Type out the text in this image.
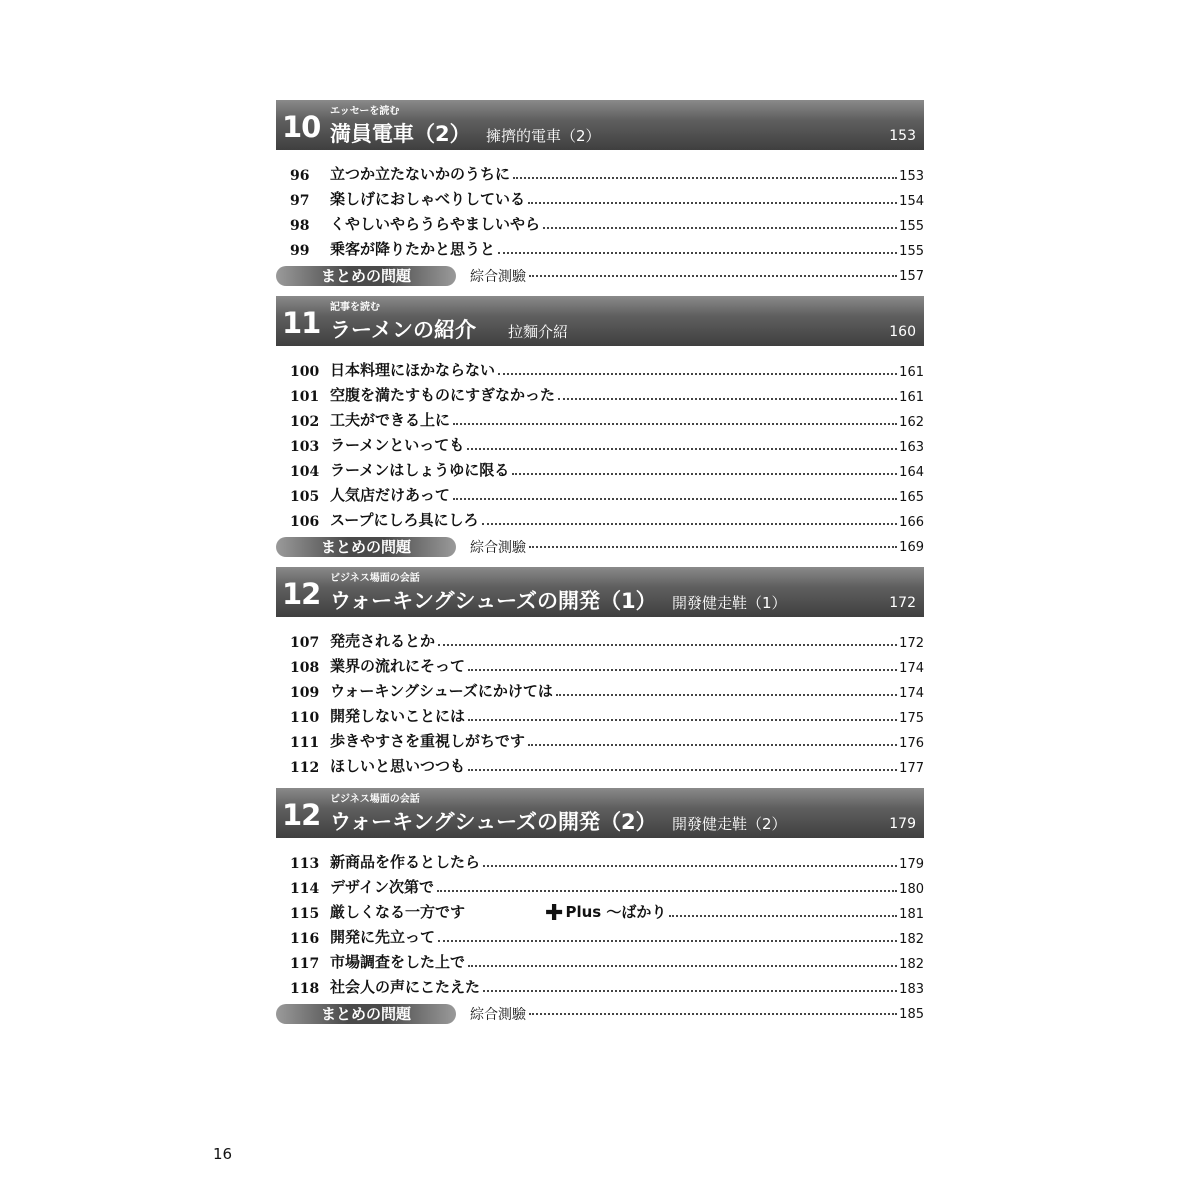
10 エッセーを読む
満員電車（2） 擁擠的電車（2）	153
96	立つか立たないかのうちに	153
97	楽しげにおしゃべりしている	154
98	くやしいやらうらやましいやら	155
99	乗客が降りたかと思うと	155
まとめの問題	綜合測驗	157
11 記事を読む
ラーメンの紹介 拉麵介紹	160
100 日本料理にほかならない	161
101 空腹を満たすものにすぎなかった	161
102 工夫ができる上に	162
103 ラーメンといっても	163
104 ラーメンはしょうゆに限る	164
105 人気店だけあって	165
106 スープにしろ具にしろ	166
まとめの問題	綜合測驗	169
12 ビジネス場面の会話
ウォーキングシューズの開発（1） 開發健走鞋（1）	172
107 発売されるとか	172
108 業界の流れにそって	174
109 ウォーキングシューズにかけては	174
110 開発しないことには	175
111 歩きやすさを重視しがちです	176
112 ほしいと思いつつも	177
12 ビジネス場面の会話
ウォーキングシューズの開発（2） 開發健走鞋（2）	179
113 新商品を作るとしたら	179
114 デザイン次第で	180
115 厳しくなる一方です	✚ Plus ～ばかり	181
116 開発に先立って	182
117 市場調査をした上で	182
118 社会人の声にこたえた	183
まとめの問題	綜合測驗	185
16
